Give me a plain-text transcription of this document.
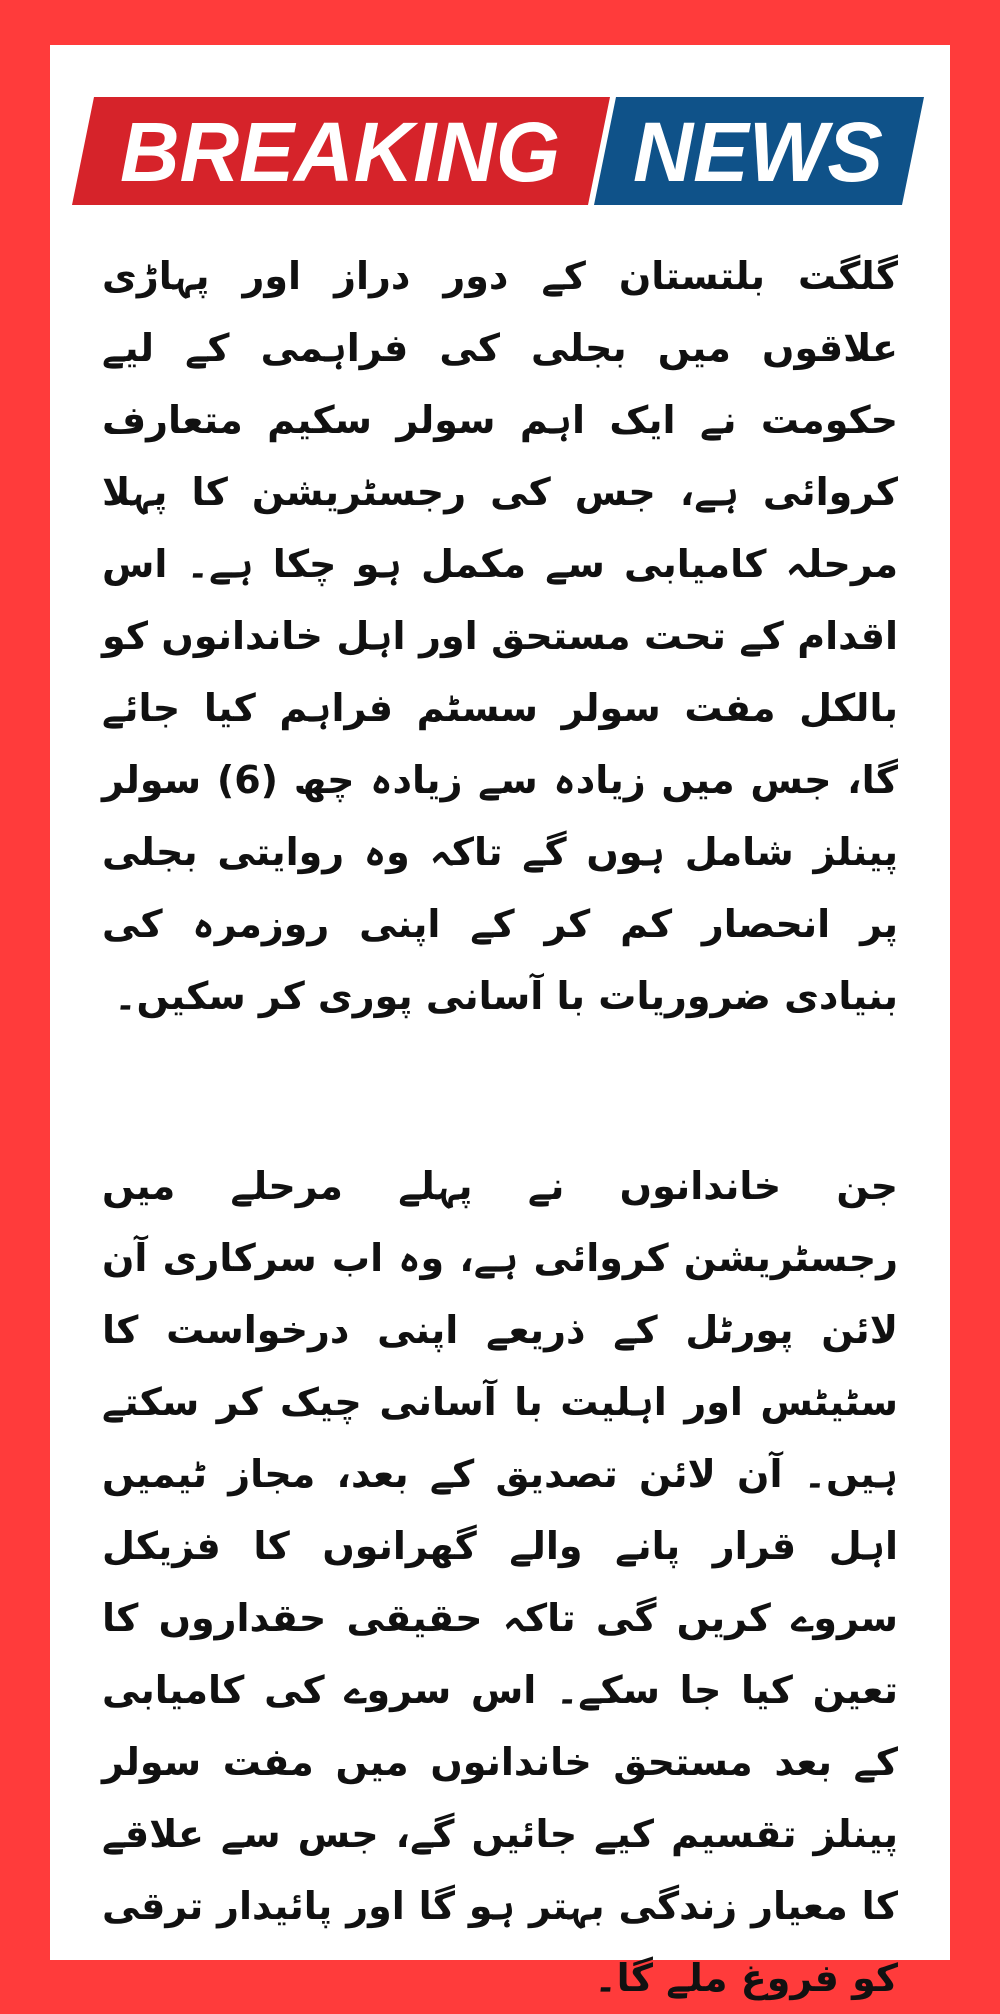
BREAKING NEWS

گلگت بلتستان کے دور دراز اور پہاڑی علاقوں میں بجلی کی فراہمی کے لیے حکومت نے ایک اہم سولر سکیم متعارف کروائی ہے، جس کی رجسٹریشن کا پہلا مرحلہ کامیابی سے مکمل ہو چکا ہے۔ اس اقدام کے تحت مستحق اور اہل خاندانوں کو بالکل مفت سولر سسٹم فراہم کیا جائے گا، جس میں زیادہ سے زیادہ چھ (6) سولر پینلز شامل ہوں گے تاکہ وہ روایتی بجلی پر انحصار کم کر کے اپنی روزمرہ کی بنیادی ضروریات با آسانی پوری کر سکیں۔

جن خاندانوں نے پہلے مرحلے میں رجسٹریشن کروائی ہے، وہ اب سرکاری آن لائن پورٹل کے ذریعے اپنی درخواست کا سٹیٹس اور اہلیت با آسانی چیک کر سکتے ہیں۔ آن لائن تصدیق کے بعد، مجاز ٹیمیں اہل قرار پانے والے گھرانوں کا فزیکل سروے کریں گی تاکہ حقیقی حقداروں کا تعین کیا جا سکے۔ اس سروے کی کامیابی کے بعد مستحق خاندانوں میں مفت سولر پینلز تقسیم کیے جائیں گے، جس سے علاقے کا معیار زندگی بہتر ہو گا اور پائیدار ترقی کو فروغ ملے گا۔
